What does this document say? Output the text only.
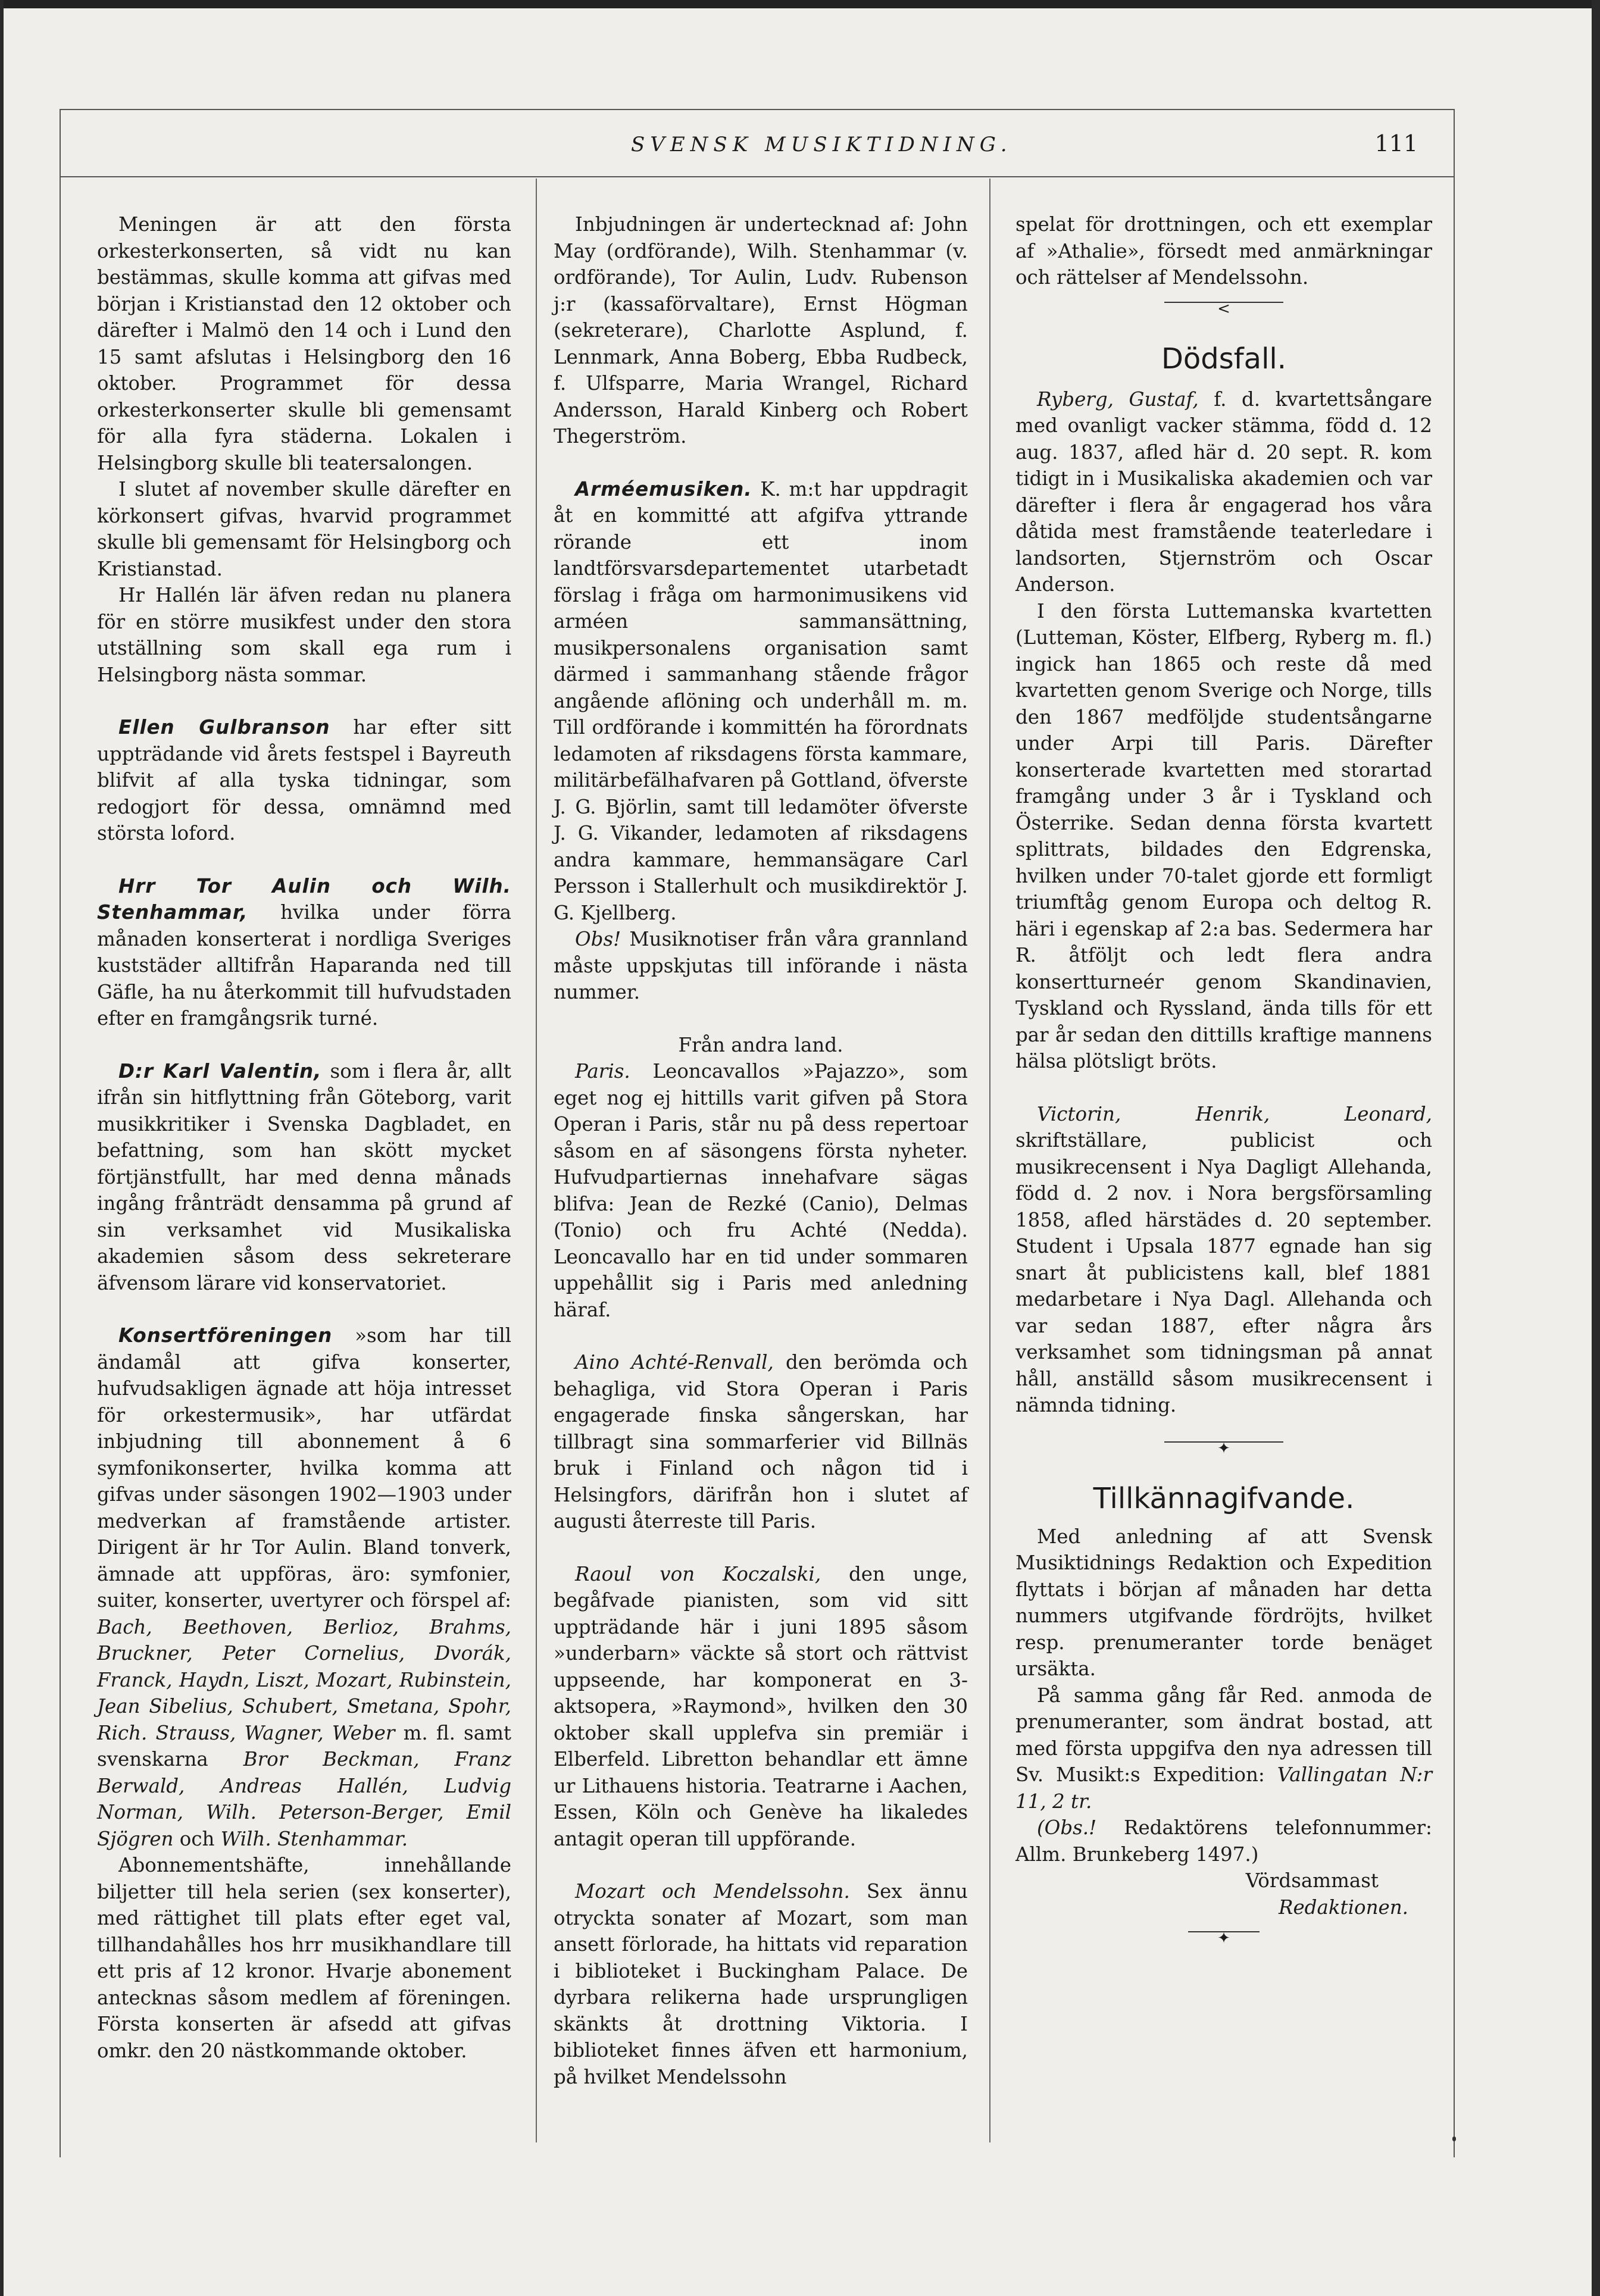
SVENSK MUSIKTIDNING.	111

Meningen är att den första orkesterkonserten, så vidt nu kan bestämmas, skulle komma att gifvas med början i Kristianstad den 12 oktober och därefter i Malmö den 14 och i Lund den 15 samt afslutas i Helsingborg den 16 oktober. Programmet för dessa orkesterkonserter skulle bli gemensamt för alla fyra städerna. Lokalen i Helsingborg skulle bli teatersalongen.

I slutet af november skulle därefter en körkonsert gifvas, hvarvid programmet skulle bli gemensamt för Helsingborg och Kristianstad.

Hr Hallén lär äfven redan nu planera för en större musikfest under den stora utställning som skall ega rum i Helsingborg nästa sommar.

Ellen Gulbranson har efter sitt uppträdande vid årets festspel i Bayreuth blifvit af alla tyska tidningar, som redogjort för dessa, omnämnd med största loford.

Hrr Tor Aulin och Wilh. Stenhammar, hvilka under förra månaden konserterat i nordliga Sveriges kuststäder alltifrån Haparanda ned till Gäfle, ha nu återkommit till hufvudstaden efter en framgångsrik turné.

D:r Karl Valentin, som i flera år, allt ifrån sin hitflyttning från Göteborg, varit musikkritiker i Svenska Dagbladet, en befattning, som han skött mycket förtjänstfullt, har med denna månads ingång frånträdt densamma på grund af sin verksamhet vid Musikaliska akademien såsom dess sekreterare äfvensom lärare vid konservatoriet.

Konsertföreningen »som har till ändamål att gifva konserter, hufvudsakligen ägnade att höja intresset för orkestermusik», har utfärdat inbjudning till abonnement å 6 symfonikonserter, hvilka komma att gifvas under säsongen 1902—1903 under medverkan af framstående artister. Dirigent är hr Tor Aulin. Bland tonverk, ämnade att uppföras, äro: symfonier, suiter, konserter, uvertyrer och förspel af: Bach, Beethoven, Berlioz, Brahms, Bruckner, Peter Cornelius, Dvorák, Franck, Haydn, Liszt, Mozart, Rubinstein, Jean Sibelius, Schubert, Smetana, Spohr, Rich. Strauss, Wagner, Weber m. fl. samt svenskarna Bror Beckman, Franz Berwald, Andreas Hallén, Ludvig Norman, Wilh. Peterson-Berger, Emil Sjögren och Wilh. Stenhammar.

Abonnementshäfte, innehållande biljetter till hela serien (sex konserter), med rättighet till plats efter eget val, tillhandahålles hos hrr musikhandlare till ett pris af 12 kronor. Hvarje abonement antecknas såsom medlem af föreningen. Första konserten är afsedd att gifvas omkr. den 20 nästkommande oktober.

Inbjudningen är undertecknad af: John May (ordförande), Wilh. Stenhammar (v. ordförande), Tor Aulin, Ludv. Rubenson j:r (kassaförvaltare), Ernst Högman (sekreterare), Charlotte Asplund, f. Lennmark, Anna Boberg, Ebba Rudbeck, f. Ulfsparre, Maria Wrangel, Richard Andersson, Harald Kinberg och Robert Thegerström.

Arméemusiken. K. m:t har uppdragit åt en kommitté att afgifva yttrande rörande ett inom landtförsvarsdepartementet utarbetadt förslag i fråga om harmonimusikens vid arméen sammansättning, musikpersonalens organisation samt därmed i sammanhang stående frågor angående aflöning och underhåll m. m. Till ordförande i kommittén ha förordnats ledamoten af riksdagens första kammare, militärbefälhafvaren på Gottland, öfverste J. G. Björlin, samt till ledamöter öfverste J. G. Vikander, ledamoten af riksdagens andra kammare, hemmansägare Carl Persson i Stallerhult och musikdirektör J. G. Kjellberg.

Obs! Musiknotiser från våra grannland måste uppskjutas till införande i nästa nummer.

Från andra land.

Paris. Leoncavallos »Pajazzo», som eget nog ej hittills varit gifven på Stora Operan i Paris, står nu på dess repertoar såsom en af säsongens första nyheter. Hufvudpartiernas innehafvare sägas blifva: Jean de Rezké (Canio), Delmas (Tonio) och fru Achté (Nedda). Leoncavallo har en tid under sommaren uppehållit sig i Paris med anledning häraf.

Aino Achté-Renvall, den berömda och behagliga, vid Stora Operan i Paris engagerade finska sångerskan, har tillbragt sina sommarferier vid Billnäs bruk i Finland och någon tid i Helsingfors, därifrån hon i slutet af augusti återreste till Paris.

Raoul von Koczalski, den unge, begåfvade pianisten, som vid sitt uppträdande här i juni 1895 såsom »underbarn» väckte så stort och rättvist uppseende, har komponerat en 3-aktsopera, »Raymond», hvilken den 30 oktober skall upplefva sin premiär i Elberfeld. Libretton behandlar ett ämne ur Lithauens historia. Teatrarne i Aachen, Essen, Köln och Genève ha likaledes antagit operan till uppförande.

Mozart och Mendelssohn. Sex ännu otryckta sonater af Mozart, som man ansett förlorade, ha hittats vid reparation i biblioteket i Buckingham Palace. De dyrbara relikerna hade ursprungligen skänkts åt drottning Viktoria. I biblioteket finnes äfven ett harmonium, på hvilket Mendelssohn

spelat för drottningen, och ett exemplar af »Athalie», försedt med anmärkningar och rättelser af Mendelssohn.

<

Dödsfall.

Ryberg, Gustaf, f. d. kvartettsångare med ovanligt vacker stämma, född d. 12 aug. 1837, afled här d. 20 sept. R. kom tidigt in i Musikaliska akademien och var därefter i flera år engagerad hos våra dåtida mest framstående teaterledare i landsorten, Stjernström och Oscar Anderson.

I den första Luttemanska kvartetten (Lutteman, Köster, Elfberg, Ryberg m. fl.) ingick han 1865 och reste då med kvartetten genom Sverige och Norge, tills den 1867 medföljde studentsångarne under Arpi till Paris. Därefter konserterade kvartetten med storartad framgång under 3 år i Tyskland och Österrike. Sedan denna första kvartett splittrats, bildades den Edgrenska, hvilken under 70-talet gjorde ett formligt triumftåg genom Europa och deltog R. häri i egenskap af 2:a bas. Sedermera har R. åtföljt och ledt flera andra konsertturneér genom Skandinavien, Tyskland och Ryssland, ända tills för ett par år sedan den dittills kraftige mannens hälsa plötsligt bröts.

Victorin, Henrik, Leonard, skriftställare, publicist och musikrecensent i Nya Dagligt Allehanda, född d. 2 nov. i Nora bergsförsamling 1858, afled härstädes d. 20 september. Student i Upsala 1877 egnade han sig snart åt publicistens kall, blef 1881 medarbetare i Nya Dagl. Allehanda och var sedan 1887, efter några års verksamhet som tidningsman på annat håll, anställd såsom musikrecensent i nämnda tidning.

✦

Tillkännagifvande.

Med anledning af att Svensk Musiktidnings Redaktion och Expedition flyttats i början af månaden har detta nummers utgifvande fördröjts, hvilket resp. prenumeranter torde benäget ursäkta.

På samma gång får Red. anmoda de prenumeranter, som ändrat bostad, att med första uppgifva den nya adressen till Sv. Musikt:s Expedition: Vallingatan N:r 11, 2 tr.

(Obs.! Redaktörens telefonnummer: Allm. Brunkeberg 1497.)

Vördsammast

Redaktionen.

✦
